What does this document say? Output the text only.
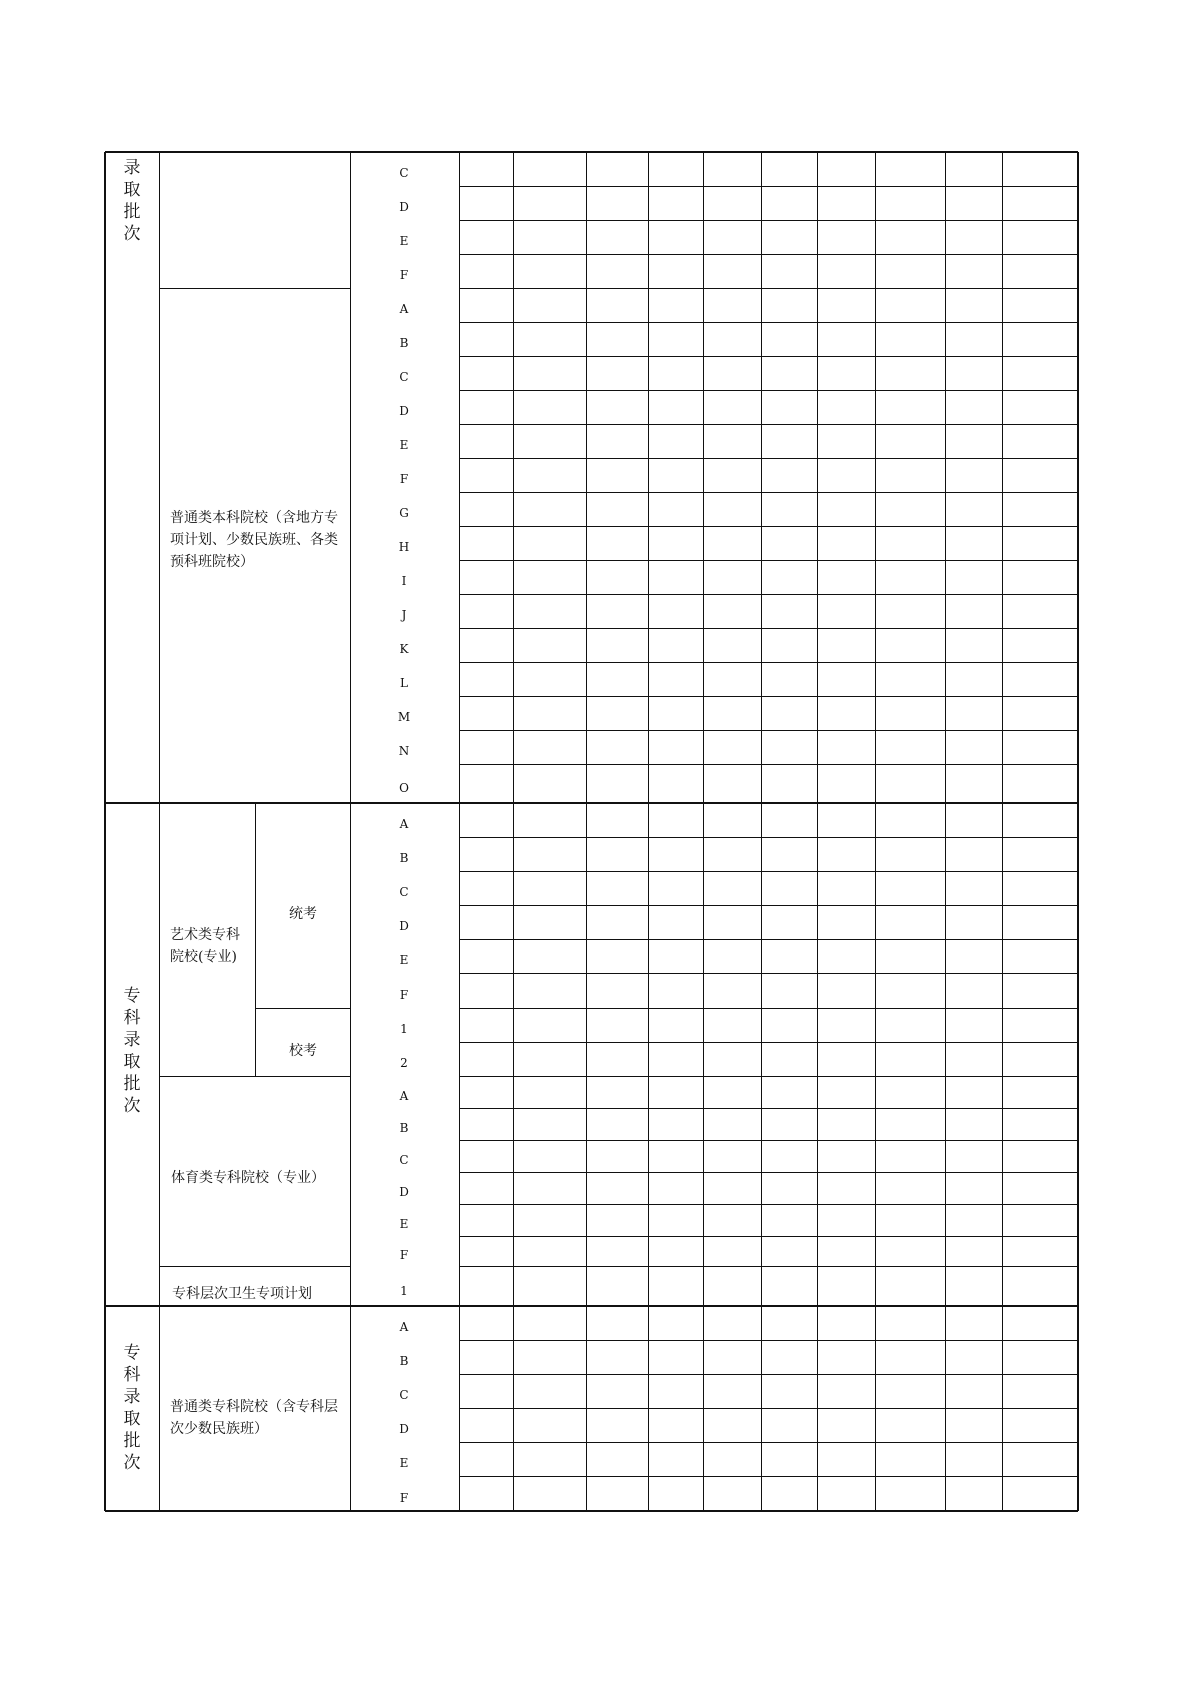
C
D
E
F
A
B
C
D
E
F
G
H
I
J
K
L
M
N
O
录
取
批
次
普通类本科院校（含地方专项计划、少数民族班、各类预科班院校）
A
B
C
D
E
F
1
2
A
B
C
D
E
F
1
专
科
录
取
批
次
艺术类专科院校(专业)
统考
校考
体育类专科院校（专业）
专科层次卫生专项计划
A
B
C
D
E
F
专
科
录
取
批
次
普通类专科院校（含专科层次少数民族班）
